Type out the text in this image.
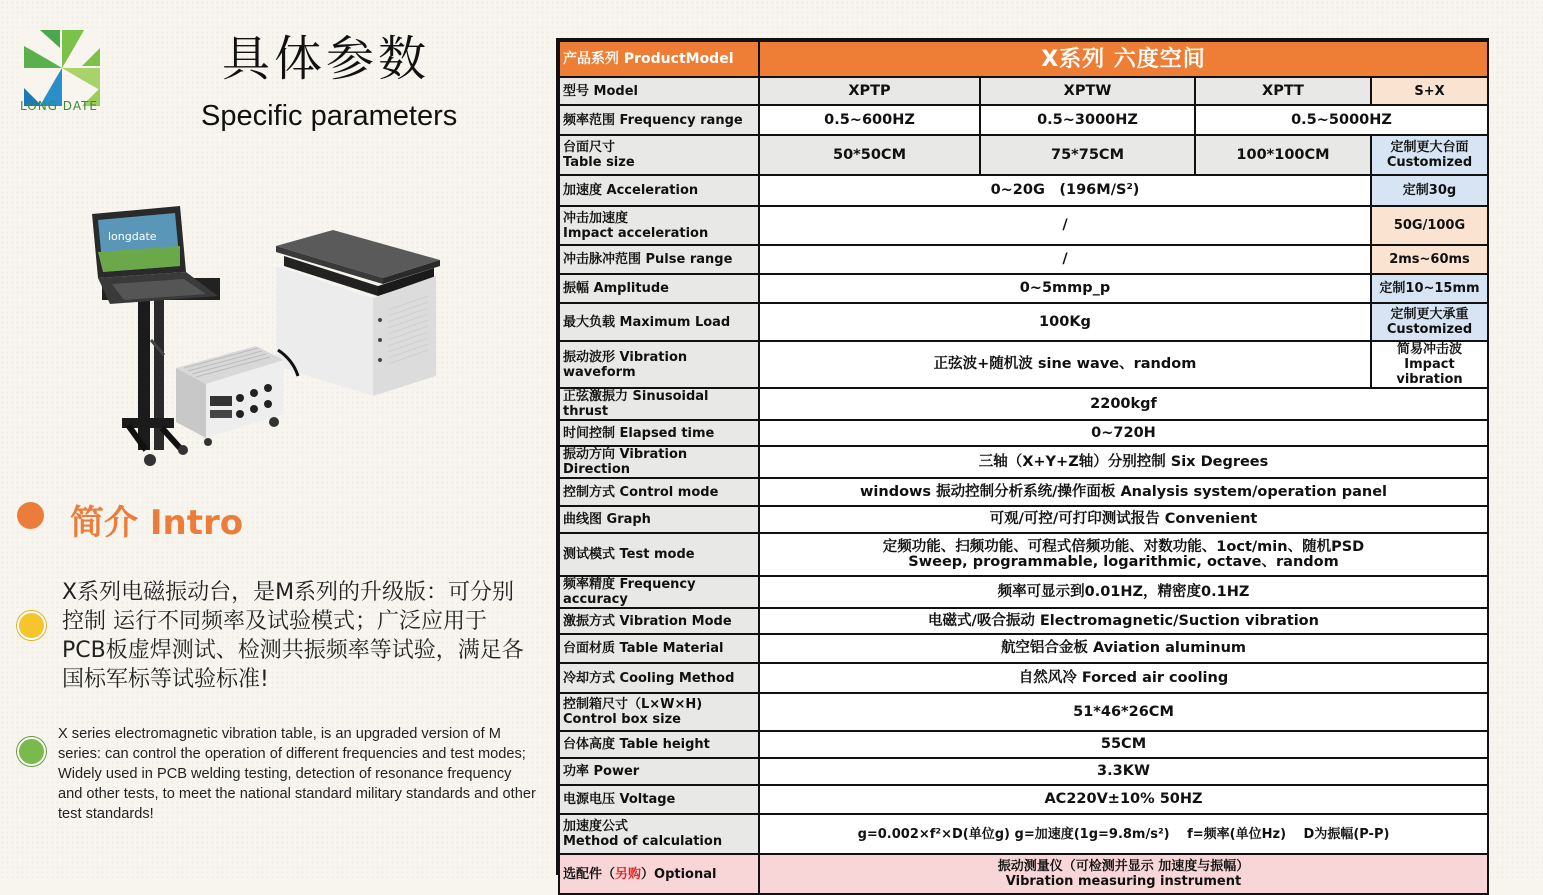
LONG DATE
具体参数
Specific parameters
longdate
简介 Intro
X系列电磁振动台，是M系列的升级版：可分别控制 运行不同频率及试验模式；广泛应用于PCB板虚焊测试、检测共振频率等试验，满足各国标军标等试验标准!
X series electromagnetic vibration table, is an upgraded version of M series: can control the operation of different frequencies and test modes; Widely used in PCB welding testing, detection of resonance frequency and other tests, to meet the national standard military standards and other test standards!
产品系列 ProductModel	X系列 六度空间			
型号 Model	XPTP	XPTW	XPTT	S+X
频率范围 Frequency range	0.5~600HZ	0.5~3000HZ	0.5~5000HZ	
台面尺寸
Table size	50*50CM	75*75CM	100*100CM	定制更大台面
Customized
加速度 Acceleration	0~20G　(196M/S²)			定制30g
冲击加速度
Impact acceleration	/			50G/100G
冲击脉冲范围 Pulse range	/			2ms~60ms
振幅 Amplitude	0~5mmp_p			定制10~15mm
最大负载 Maximum Load	100Kg			定制更大承重
Customized
振动波形 Vibration waveform	正弦波+随机波 sine wave、random			简易冲击波
Impact vibration
正弦激振力 Sinusoidal thrust	2200kgf			
时间控制 Elapsed time	0~720H			
振动方向 Vibration Direction	三轴（X+Y+Z轴）分别控制 Six Degrees			
控制方式 Control mode	windows 振动控制分析系统/操作面板 Analysis system/operation panel			
曲线图 Graph	可观/可控/可打印测试报告 Convenient			
测试模式 Test mode	定频功能、扫频功能、可程式倍频功能、对数功能、1oct/min、随机PSD
Sweep, programmable, logarithmic, octave、random			
频率精度 Frequency accuracy	频率可显示到0.01HZ，精密度0.1HZ			
激振方式 Vibration Mode	电磁式/吸合振动 Electromagnetic/Suction vibration			
台面材质 Table Material	航空铝合金板 Aviation aluminum			
冷却方式 Cooling Method	自然风冷 Forced air cooling			
控制箱尺寸（L×W×H)
Control box size	51*46*26CM			
台体高度 Table height	55CM			
功率 Power	3.3KW			
电源电压 Voltage	AC220V±10% 50HZ			
加速度公式
Method of calculation	g=0.002×f²×D(单位g) g=加速度(1g=9.8m/s²)　 f=频率(单位Hz)　 D为振幅(P-P)			
选配件（另购）Optional	振动测量仪（可检测并显示 加速度与振幅）
Vibration measuring instrument			
